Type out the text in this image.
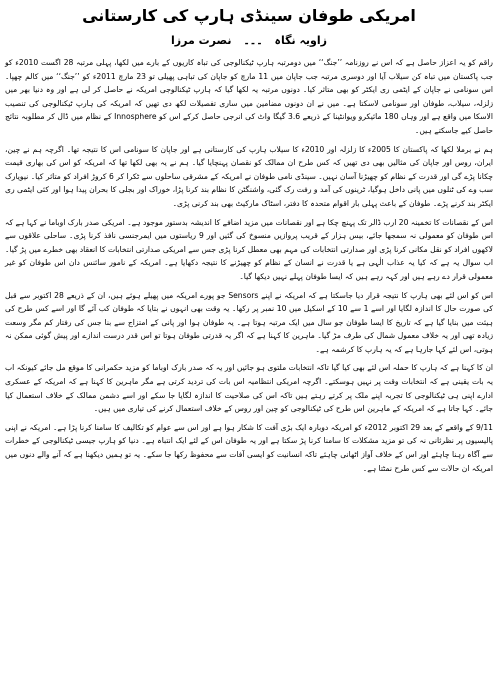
امریکی طوفان سینڈی ہارپ کی کارستانی
زاویہ نگاہ ۔۔۔ نصرت مرزا

راقم کو یہ اعزاز حاصل ہے کہ اس نے روزنامہ ’’جنگ‘‘ میں دومرتبہ ہارپ ٹیکنالوجی کی تباہ کاریوں کے بارے میں لکھا، پہلی مرتبہ 28 اگست 2010ء کو جب پاکستان میں تباہ کن سیلاب آیا اور دوسری مرتبہ جب جاپان میں 11 مارچ کو جاپان کی تباہی پھیلی تو 23 مارچ 2011ء کو ’’جنگ‘‘ میں کالم چھپا۔ اس سونامی نے جاپان کے ایٹمی ری ایکٹر کو بھی متاثر کیا۔ دونوں مرتبہ یہ لکھا گیا کہ ہارپ ٹیکنالوجی امریکہ نے حاصل کر لی ہے اور وہ دنیا بھر میں زلزلہ، سیلاب، طوفان اور سونامی لاسکتا ہے۔ میں نے ان دونوں مضامین میں ساری تفصیلات لکھ دی تھیں کہ امریکہ کی ہارپ ٹیکنالوجی کی تنصیب الاسکا میں واقع ہے اور وہاں 180 مائیکرو ویوانٹینا کے ذریعے 3.6 گیگا واٹ کی انرجی حاصل کرکے اس کو Innosphere کے نظام میں ڈال کر مطلوبہ نتائج حاصل کیے جاسکتے ہیں۔

ہم نے برملا لکھا کہ پاکستان کا 2005ء کا زلزلہ اور 2010ء کا سیلاب ہارپ کی کارستانی ہے اور جاپان کا سونامی اس کا نتیجہ تھا۔ اگرچہ ہم نے چین، ایران، روس اور جاپان کی مثالیں بھی دی تھیں کہ کس طرح ان ممالک کو نقصان پہنچایا گیا۔ ہم نے یہ بھی لکھا تھا کہ امریکہ کو اس کی بھاری قیمت چکانا پڑے گی اور قدرت کے نظام کو چھیڑنا آسان نہیں۔ سینڈی نامی طوفان نے امریکہ کے مشرقی ساحلوں سے ٹکرا کر 6 کروڑ افراد کو متاثر کیا۔ نیویارک سب وے کی ٹنلوں میں پانی داخل ہوگیا، ٹرینوں کی آمد و رفت رک گئی، واشنگٹن کا نظام بند کرنا پڑا، خوراک اور بجلی کا بحران پیدا ہوا اور کئی ایٹمی ری ایکٹر بند کرنے پڑے۔ طوفان کے باعث پہلی بار اقوام متحدہ کا دفتر، اسٹاک مارکیٹ بھی بند کرنی پڑی۔

اس کے نقصانات کا تخمینہ 20 ارب ڈالر تک پہنچ چکا ہے اور نقصانات میں مزید اضافے کا اندیشہ بدستور موجود ہے۔ امریکی صدر بارک اوباما نے کہا ہے کہ اس طوفان کو معمولی نہ سمجھا جائے، بیس ہزار کے قریب پروازیں منسوخ کی گئیں اور 9 ریاستوں میں ایمرجنسی نافذ کرنا پڑی۔ ساحلی علاقوں سے لاکھوں افراد کو نقل مکانی کرنا پڑی اور صدارتی انتخابات کی مہم بھی معطل کرنا پڑی جس سے امریکی صدارتی انتخابات کا انعقاد بھی خطرے میں پڑ گیا۔ اب سوال یہ ہے کہ کیا یہ عذاب الٰہی ہے یا قدرت نے انسان کے نظام کو چھیڑنے کا نتیجہ دکھایا ہے۔ امریکہ کے نامور سائنس دان اس طوفان کو غیر معمولی قرار دے رہے ہیں اور کہہ رہے ہیں کہ ایسا طوفان پہلے نہیں دیکھا گیا۔

اس کو اس لئے بھی ہارپ کا نتیجہ قرار دیا جاسکتا ہے کہ امریکہ نے اپنے Sensors جو پورے امریکہ میں پھیلے ہوئے ہیں، ان کے ذریعے 28 اکتوبر سے قبل کی صورت حال کا اندازہ لگایا اور اسے 1 سے 10 کے اسکیل میں 10 نمبر پر رکھا۔ یہ وقت بھی انہوں نے بتایا کہ طوفان کب آئے گا اور اسے کس طرح کی ہیئت میں بنایا گیا ہے کہ تاریخ کا ایسا طوفان جو سال میں ایک مرتبہ ہوتا ہے۔ یہ طوفان ہوا اور پانی کے امتزاج سے بنا جس کی رفتار کم مگر وسعت زیادہ تھی اور یہ خلاف معمول شمال کی طرف مڑ گیا۔ ماہرین کا کہنا ہے کہ اگر یہ قدرتی طوفان ہوتا تو اس قدر درست اندازے اور پیش گوئی ممکن نہ ہوتی، اس لئے کہا جارہا ہے کہ یہ ہارپ کا کرشمہ ہے۔

ان کا کہنا ہے کہ ہارپ کا حملہ اس لئے بھی کیا گیا تاکہ انتخابات ملتوی ہو جائیں اور یہ کہ صدر بارک اوباما کو مزید حکمرانی کا موقع مل جائے کیونکہ اب یہ بات یقینی ہے کہ انتخابات وقت پر نہیں ہوسکتے۔ اگرچہ امریکی انتظامیہ اس بات کی تردید کرتی ہے مگر ماہرین کا کہنا ہے کہ امریکہ کے عسکری ادارے اپنی ہی ٹیکنالوجی کا تجربہ اپنے ملک پر کرتے رہتے ہیں تاکہ اس کی صلاحیت کا اندازہ لگایا جا سکے اور اسے دشمن ممالک کے خلاف استعمال کیا جائے۔ کہا جاتا ہے کہ امریکہ کے ماہرین اس طرح کی ٹیکنالوجی کو چین اور روس کے خلاف استعمال کرنے کی تیاری میں ہیں۔

9/11 کے واقعے کے بعد 29 اکتوبر 2012ء کو امریکہ دوبارہ ایک بڑی آفت کا شکار ہوا ہے اور اس سے عوام کو تکالیف کا سامنا کرنا پڑا ہے۔ امریکہ نے اپنی پالیسیوں پر نظرثانی نہ کی تو مزید مشکلات کا سامنا کرنا پڑ سکتا ہے اور یہ طوفان اس کے لئے ایک انتباہ ہے۔ دنیا کو ہارپ جیسی ٹیکنالوجی کے خطرات سے آگاہ رہنا چاہئے اور اس کے خلاف آواز اٹھانی چاہئے تاکہ انسانیت کو ایسی آفات سے محفوظ رکھا جا سکے۔ یہ تو ہمیں دیکھنا ہے کہ آنے والے دنوں میں امریکہ ان حالات سے کس طرح نمٹتا ہے۔
